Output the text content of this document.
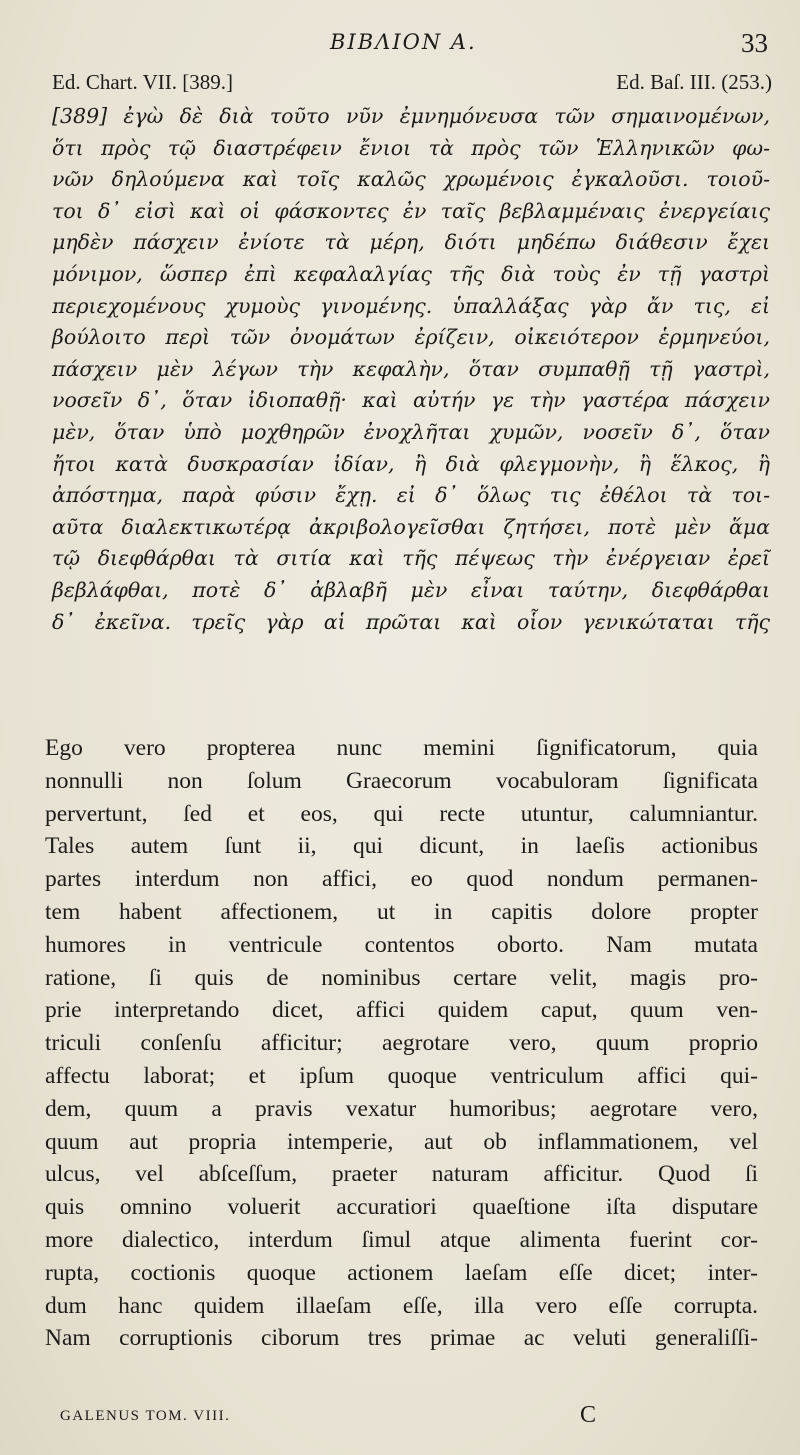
ΒΙΒΛΙΟΝ Α.	33
Ed. Chart. VII. [389.]	Ed. Baſ. III. (253.)
[389] ἐγὼ δὲ διὰ τοῦτο νῦν ἐμνημόνευσα τῶν σημαινομένων,
ὅτι πρὸς τῷ διαστρέφειν ἔνιοι τὰ πρὸς τῶν Ἑλληνικῶν φω-
νῶν δηλούμενα καὶ τοῖς καλῶς χρωμένοις ἐγκαλοῦσι. τοιοῦ-
τοι δ᾽ εἰσὶ καὶ οἱ φάσκοντες ἐν ταῖς βεβλαμμέναις ἐνεργείαις
μηδὲν πάσχειν ἐνίοτε τὰ μέρη, διότι μηδέπω διάθεσιν ἔχει
μόνιμον, ὥσπερ ἐπὶ κεφαλαλγίας τῆς διὰ τοὺς ἐν τῇ γαστρὶ
περιεχομένους χυμοὺς γινομένης. ὑπαλλάξας γὰρ ἄν τις, εἰ
βούλοιτο περὶ τῶν ὀνομάτων ἐρίζειν, οἰκειότερον ἑρμηνεύοι,
πάσχειν μὲν λέγων τὴν κεφαλὴν, ὅταν συμπαθῇ τῇ γαστρὶ,
νοσεῖν δ᾽, ὅταν ἰδιοπαθῇ· καὶ αὐτήν γε τὴν γαστέρα πάσχειν
μὲν, ὅταν ὑπὸ μοχθηρῶν ἐνοχλῆται χυμῶν, νοσεῖν δ᾽, ὅταν
ἤτοι κατὰ δυσκρασίαν ἰδίαν, ἢ διὰ φλεγμονὴν, ἢ ἕλκος, ἢ
ἀπόστημα, παρὰ φύσιν ἔχῃ. εἰ δ᾽ ὅλως τις ἐθέλοι τὰ τοι-
αῦτα διαλεκτικωτέρᾳ ἀκριβολογεῖσθαι ζητήσει, ποτὲ μὲν ἅμα
τῷ διεφθάρθαι τὰ σιτία καὶ τῆς πέψεως τὴν ἐνέργειαν ἐρεῖ
βεβλάφθαι, ποτὲ δ᾽ ἀβλαβῆ μὲν εἶναι ταύτην, διεφθάρθαι
δ᾽ ἐκεῖνα. τρεῖς γὰρ αἱ πρῶται καὶ οἷον γενικώταται τῆς
Ego vero propterea nunc memini ſignificatorum, quia
nonnulli non ſolum Graecorum vocabuloram ſignificata
pervertunt, ſed et eos, qui recte utuntur, calumniantur.
Tales autem ſunt ii, qui dicunt, in laeſis actionibus
partes interdum non affici, eo quod nondum permanen-
tem habent affectionem, ut in capitis dolore propter
humores in ventricule contentos oborto. Nam mutata
ratione, ſi quis de nominibus certare velit, magis pro-
prie interpretando dicet, affici quidem caput, quum ven-
triculi conſenſu afficitur; aegrotare vero, quum proprio
affectu laborat; et ipſum quoque ventriculum affici qui-
dem, quum a pravis vexatur humoribus; aegrotare vero,
quum aut propria intemperie, aut ob inflammationem, vel
ulcus, vel abſceſſum, praeter naturam afficitur. Quod ſi
quis omnino voluerit accuratiori quaeſtione iſta disputare
more dialectico, interdum ſimul atque alimenta fuerint cor-
rupta, coctionis quoque actionem laeſam eſſe dicet; inter-
dum hanc quidem illaeſam eſſe, illa vero eſſe corrupta.
Nam corruptionis ciborum tres primae ac veluti generaliſſi-
GALENUS TOM. VIII.	C
